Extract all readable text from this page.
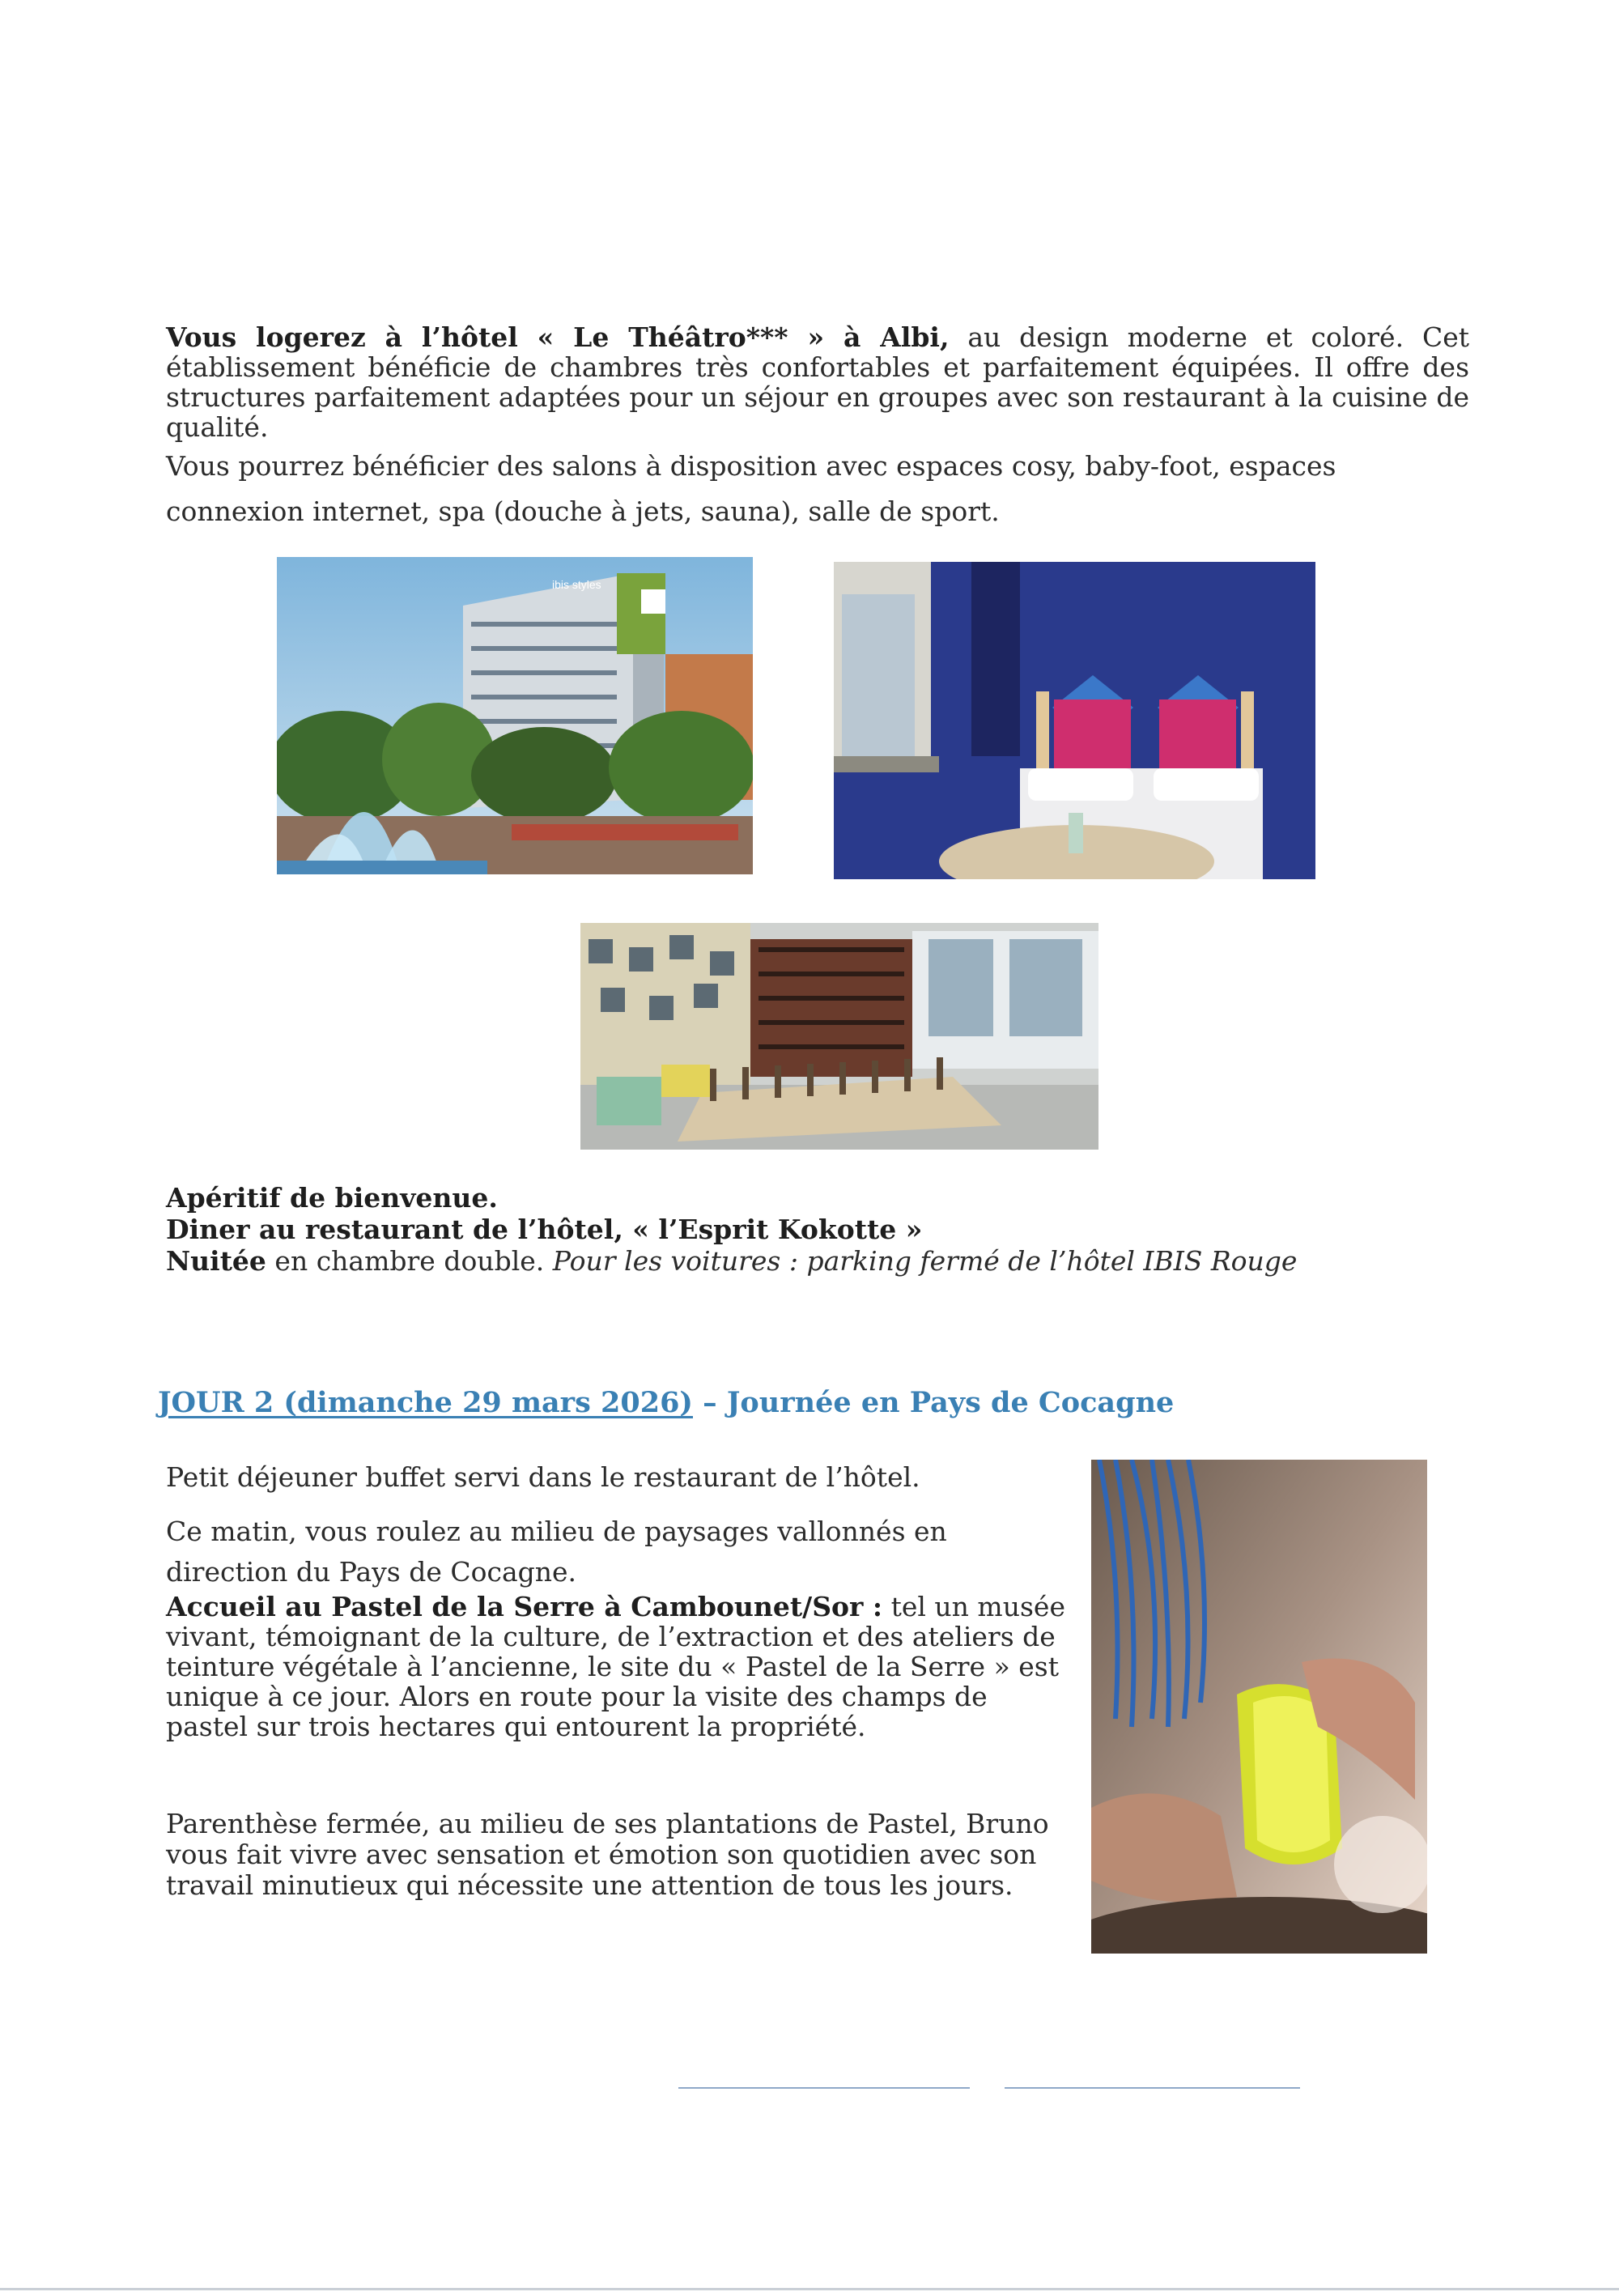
Vous logerez à l’hôtel « Le Théâtro*** » à Albi, au design moderne et coloré. Cet établissement bénéficie de chambres très confortables et parfaitement équipées. Il offre des structures parfaitement adaptées pour un séjour en groupes avec son restaurant à la cuisine de qualité.

Vous pourrez bénéficier des salons à disposition avec espaces cosy, baby-foot, espaces connexion internet, spa (douche à jets, sauna), salle de sport.

ibis styles

Apéritif de bienvenue.

Diner au restaurant de l’hôtel, « l’Esprit Kokotte »

Nuitée en chambre double. Pour les voitures : parking fermé de l’hôtel IBIS Rouge

JOUR 2 (dimanche 29 mars 2026) – Journée en Pays de Cocagne

Petit déjeuner buffet servi dans le restaurant de l’hôtel.

Ce matin, vous roulez au milieu de paysages vallonnés en direction du Pays de Cocagne.

Accueil au Pastel de la Serre à Cambounet/Sor : tel un musée vivant, témoignant de la culture, de l’extraction et des ateliers de teinture végétale à l’ancienne, le site du « Pastel de la Serre » est unique à ce jour. Alors en route pour la visite des champs de pastel sur trois hectares qui entourent la propriété.

Parenthèse fermée, au milieu de ses plantations de Pastel, Bruno vous fait vivre avec sensation et émotion son quotidien avec son travail minutieux qui nécessite une attention de tous les jours.
